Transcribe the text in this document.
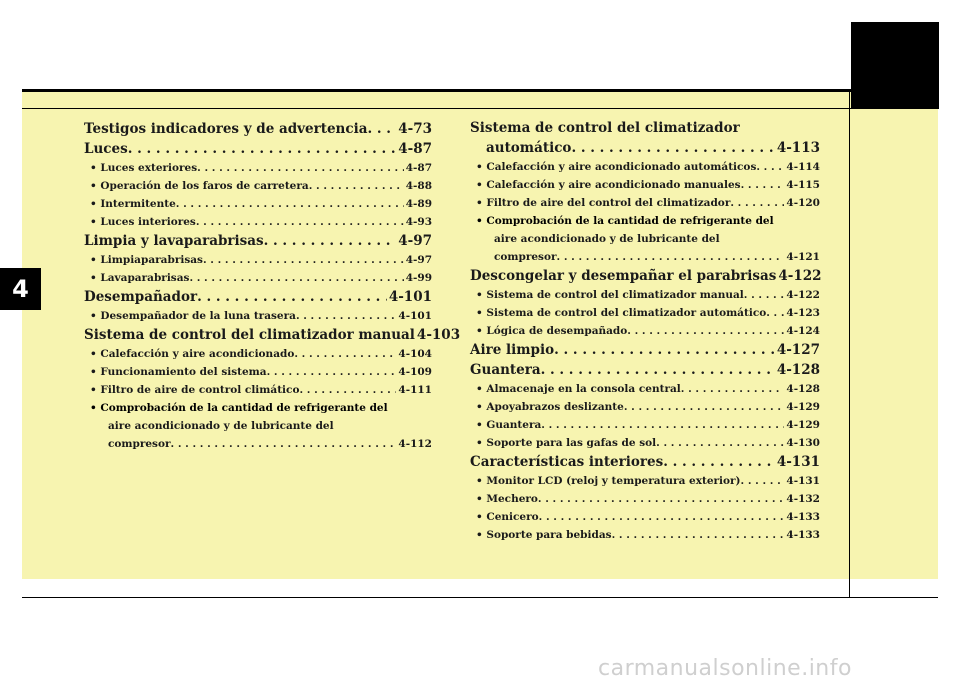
4
Testigos indicadores y de advertencia . . . 4-73
Luces . . .	4-87
• Luces exteriores . . .	4-87
• Operación de los faros de carretera . . .	4-88
• Intermitente . . .	4-89
• Luces interiores . . .	4-93
Limpia y lavaparabrisas . . .	4-97
• Limpiaparabrisas . . .	4-97
• Lavaparabrisas . . .	4-99
Desempañador . . .	4-101
• Desempañador de la luna trasera . . .	4-101
Sistema de control del climatizador manual 4-103
• Calefacción y aire acondicionado . . .	4-104
• Funcionamiento del sistema . . .	4-109
• Filtro de aire de control climático . . .	4-111
• Comprobación de la cantidad de refrigerante del
aire acondicionado y de lubricante del
compresor . . .	4-112
Sistema de control del climatizador
automático . . .	4-113
• Calefacción y aire acondicionado automáticos . . .	4-114
• Calefacción y aire acondicionado manuales . . .	4-115
• Filtro de aire del control del climatizador . . .	4-120
• Comprobación de la cantidad de refrigerante del
aire acondicionado y de lubricante del
compresor . . .	4-121
Descongelar y desempañar el parabrisas 4-122
• Sistema de control del climatizador manual . . .	4-122
• Sistema de control del climatizador automático . . . 4-123
• Lógica de desempañado . . .	4-124
Aire limpio . . .	4-127
Guantera . . .	4-128
• Almacenaje en la consola central . . .	4-128
• Apoyabrazos deslizante . . .	4-129
• Guantera . . .	4-129
• Soporte para las gafas de sol . . .	4-130
Características interiores . . .	4-131
• Monitor LCD (reloj y temperatura exterior) . . .	4-131
• Mechero . . .	4-132
• Cenicero . . .	4-133
• Soporte para bebidas . . .	4-133
carmanualsonline.info
